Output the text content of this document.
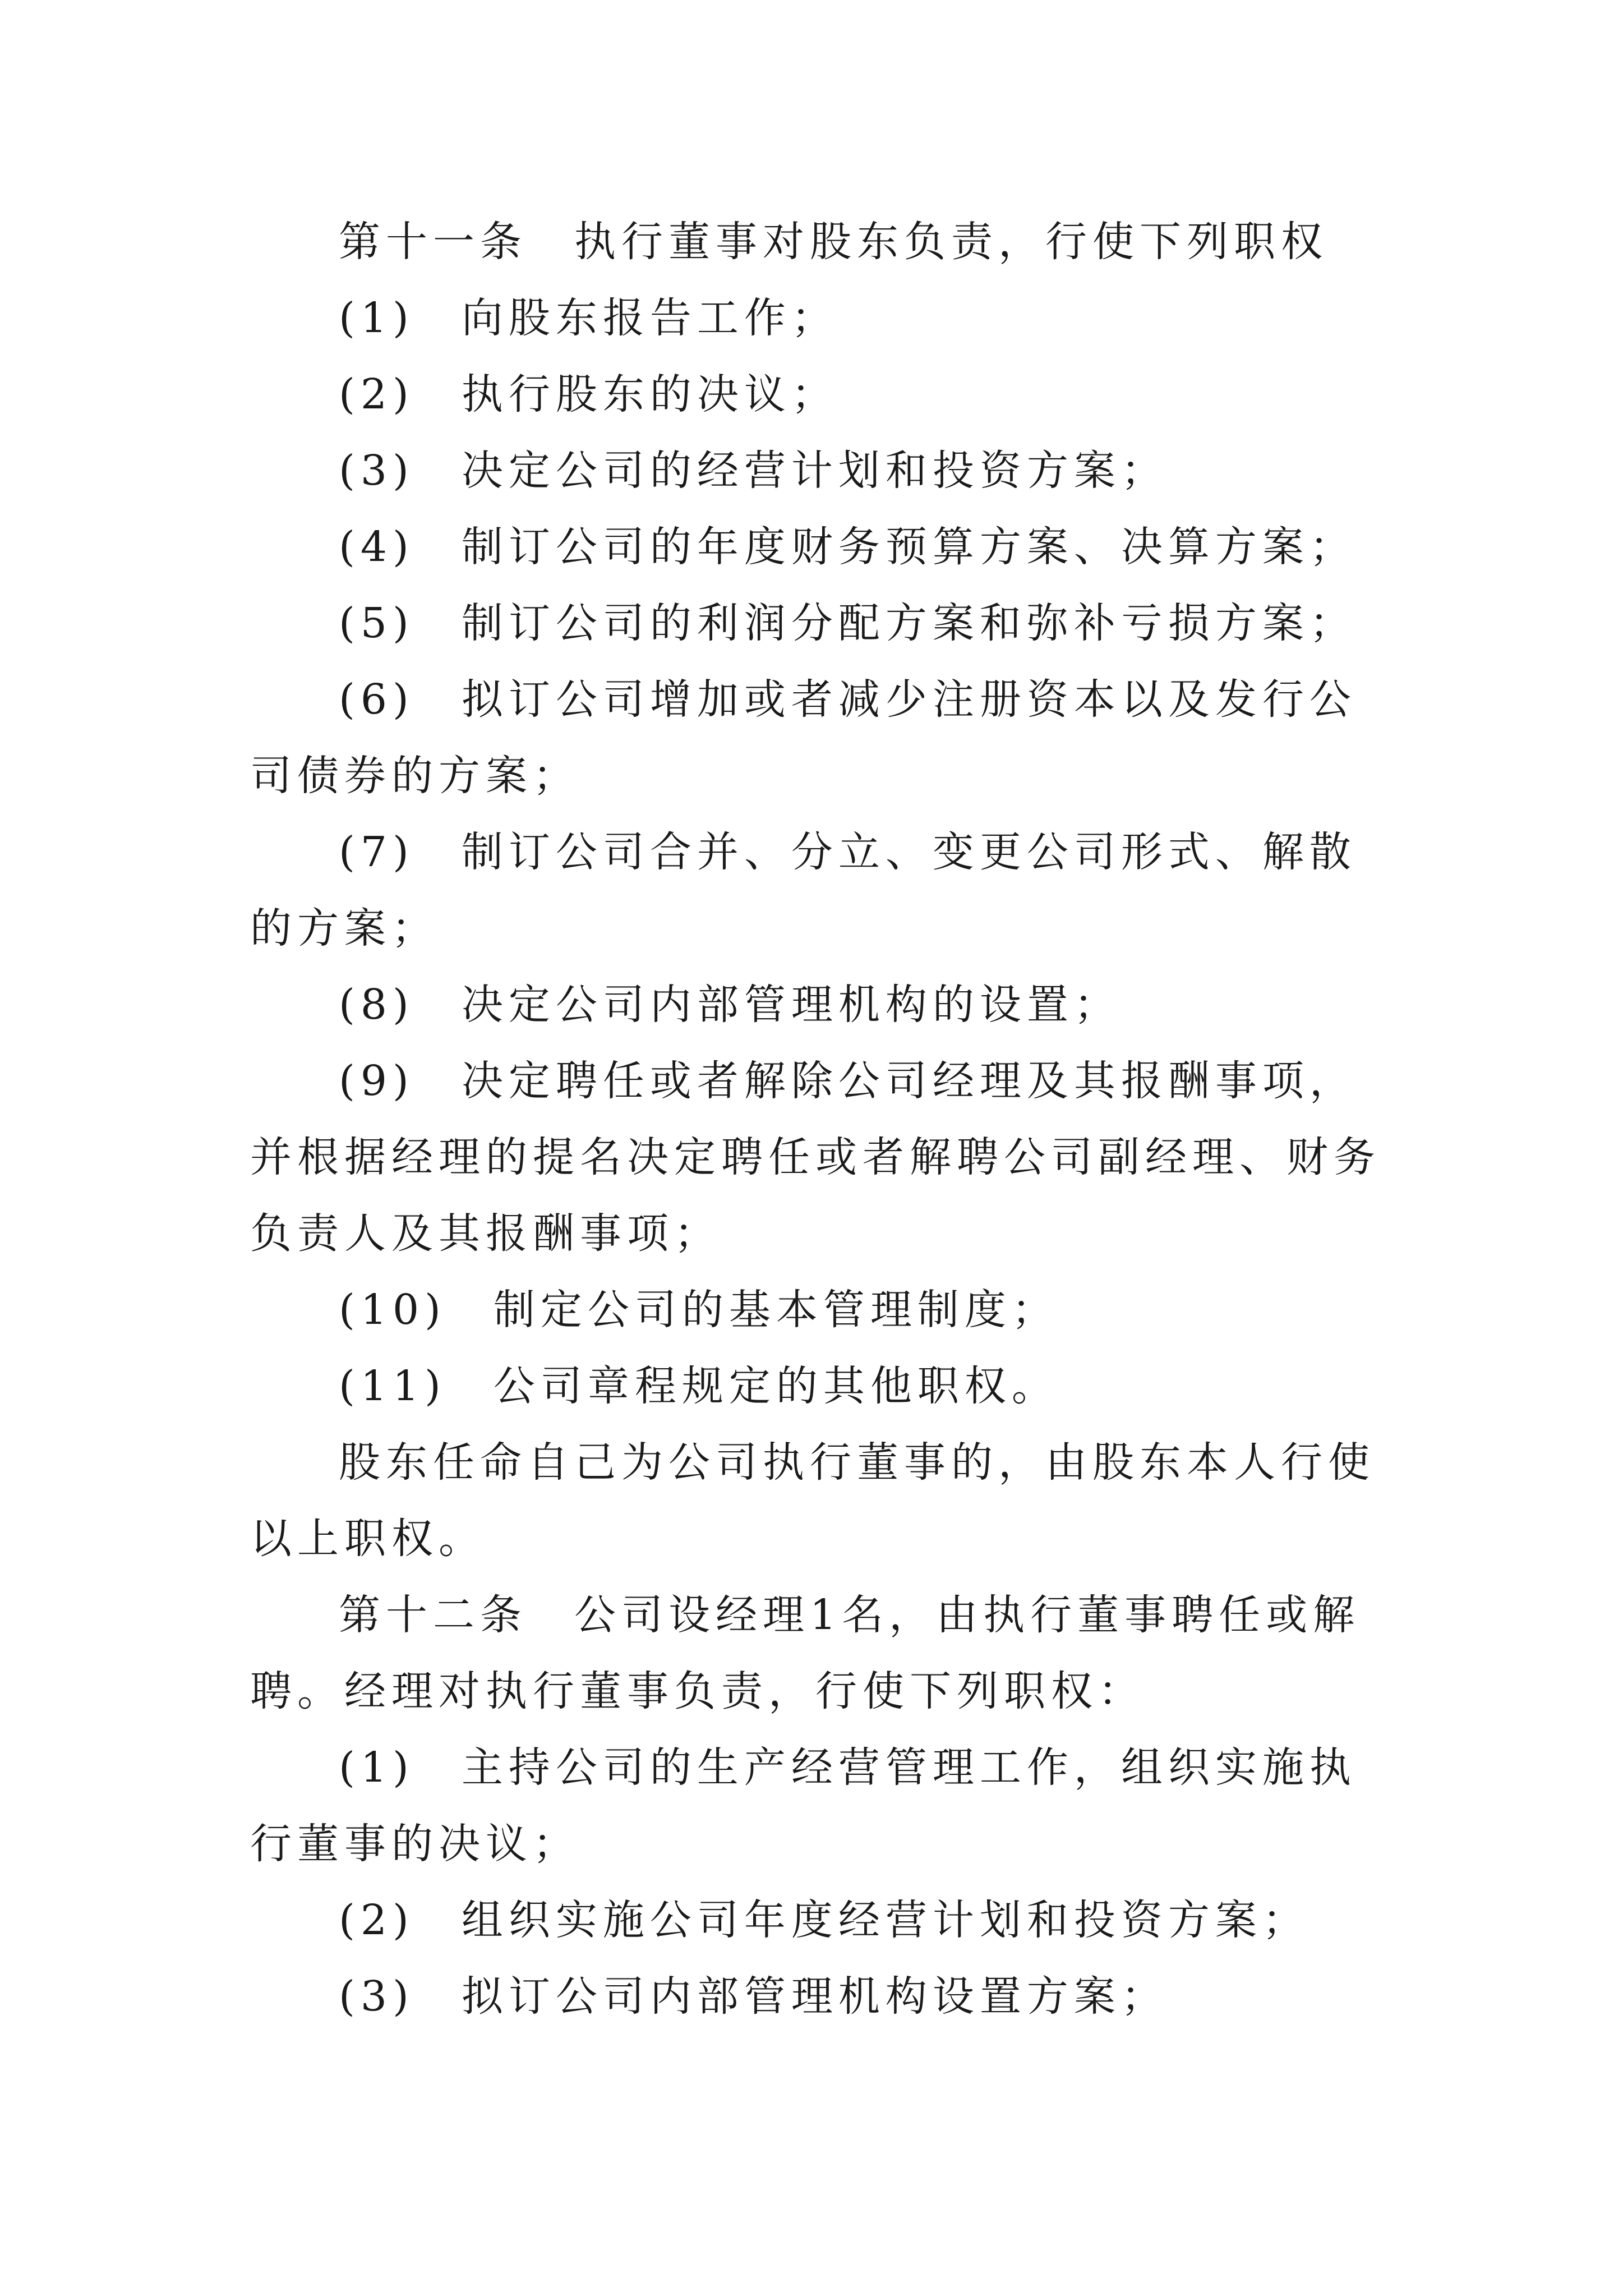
第十一条　执行董事对股东负责，行使下列职权

(1)　向股东报告工作；

(2)　执行股东的决议；

(3)　决定公司的经营计划和投资方案；

(4)　制订公司的年度财务预算方案、决算方案；

(5)　制订公司的利润分配方案和弥补亏损方案；

(6)　拟订公司增加或者减少注册资本以及发行公司债券的方案；

(7)　制订公司合并、分立、变更公司形式、解散的方案；

(8)　决定公司内部管理机构的设置；

(9)　决定聘任或者解除公司经理及其报酬事项，并根据经理的提名决定聘任或者解聘公司副经理、财务负责人及其报酬事项；

(10)　制定公司的基本管理制度；

(11)　公司章程规定的其他职权。

股东任命自己为公司执行董事的，由股东本人行使以上职权。

第十二条　公司设经理1名，由执行董事聘任或解聘。经理对执行董事负责，行使下列职权：

(1)　主持公司的生产经营管理工作，组织实施执行董事的决议；

(2)　组织实施公司年度经营计划和投资方案；

(3)　拟订公司内部管理机构设置方案；
